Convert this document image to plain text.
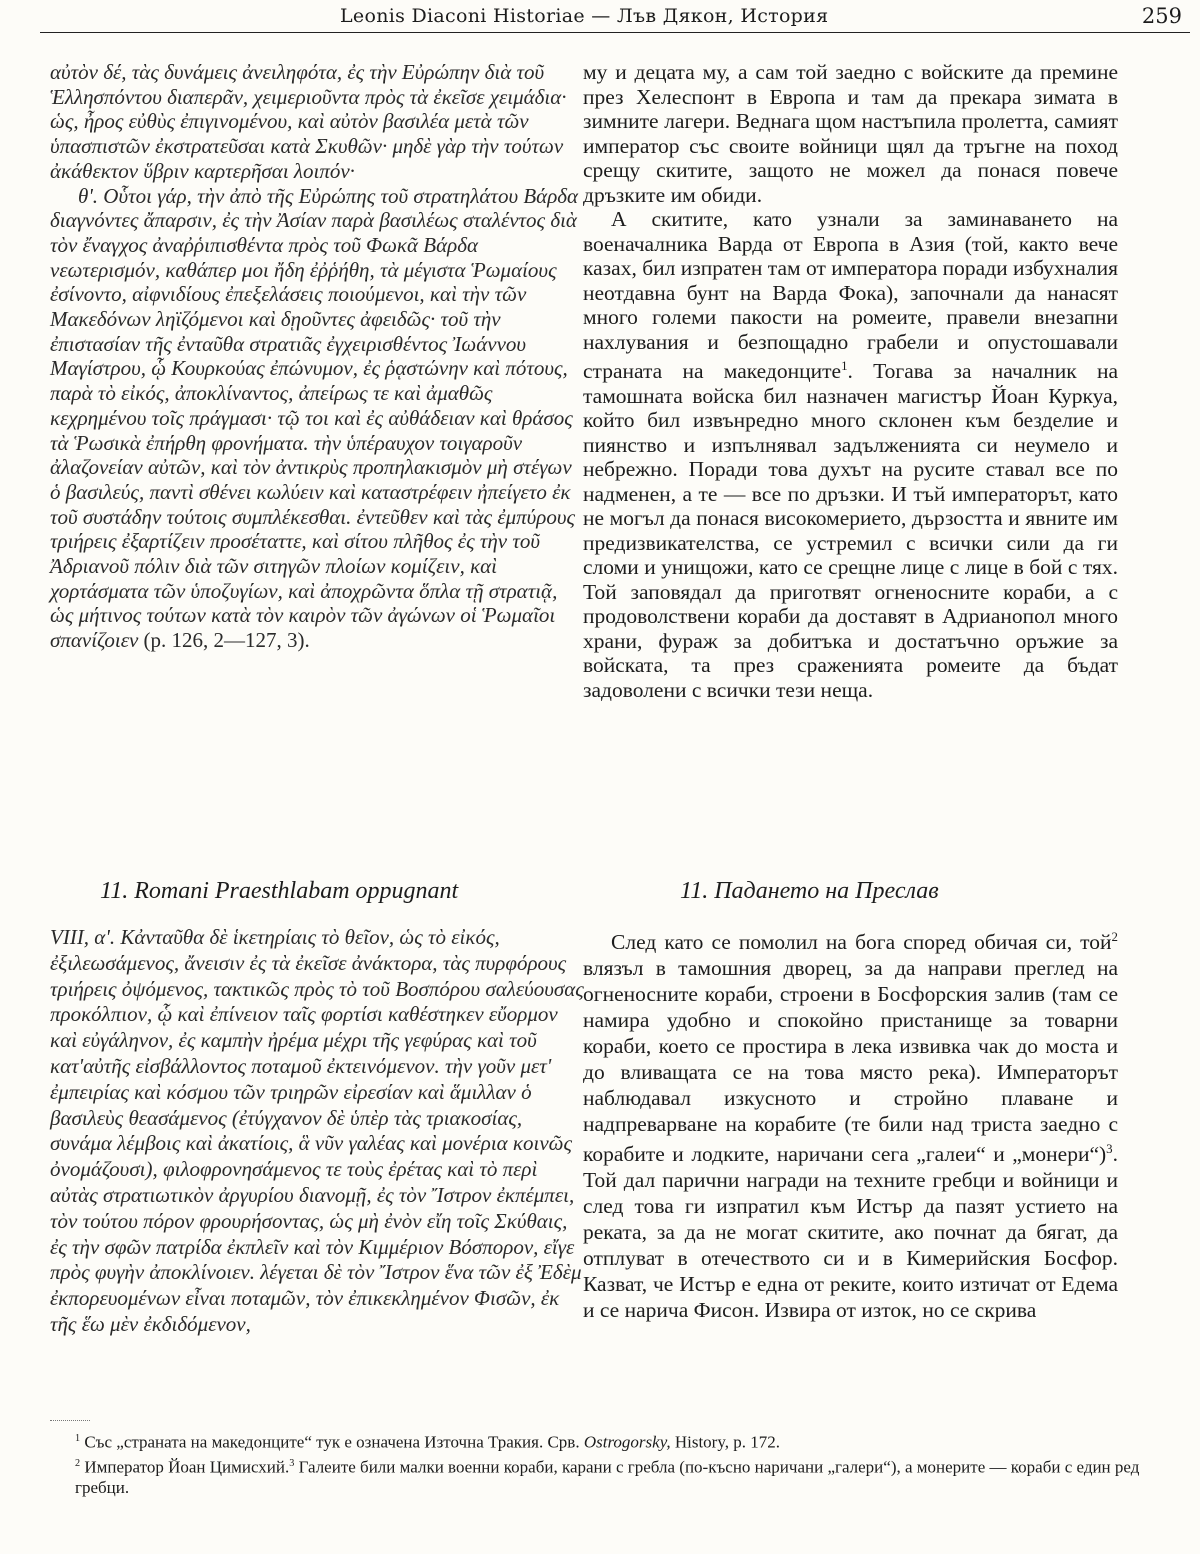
Leonis Diaconi Historiae — Лъв Дякон, История	259

αὐτὸν δέ, τὰς δυνάμεις ἀνειληφότα, ἐς τὴν Εὐρώπην διὰ τοῦ Ἑλλησπόντου διαπερᾶν, χειμεριοῦντα πρὸς τὰ ἐκεῖσε χειμάδια· ὡς, ἦρος εὐθὺς ἐπιγινομένου, καὶ αὐτὸν βασιλέα μετὰ τῶν ὑπασπιστῶν ἐκστρατεῦσαι κατὰ Σκυθῶν· μηδὲ γὰρ τὴν τούτων ἀκάθεκτον ὕβριν καρτερῆσαι λοιπόν·

θ'. Οὗτοι γάρ, τὴν ἀπὸ τῆς Εὐρώπης τοῦ στρατηλάτου Βάρδα διαγνόντες ἄπαρσιν, ἐς τὴν Ἀσίαν παρὰ βασιλέως σταλέντος διὰ τὸν ἔναγχος ἀναῤῥιπισθέντα πρὸς τοῦ Φωκᾶ Βάρδα νεωτερισμόν, καθάπερ μοι ἤδη ἐῤῥήθη, τὰ μέγιστα Ῥωμαίους ἐσίνοντο, αἰφνιδίους ἐπεξελάσεις ποιούμενοι, καὶ τὴν τῶν Μακεδόνων ληϊζόμενοι καὶ δῃοῦντες ἀφειδῶς· τοῦ τὴν ἐπιστασίαν τῆς ἐνταῦθα στρατιᾶς ἐγχειρισθέντος Ἰωάννου Μαγίστρου, ᾧ Κουρκούας ἐπώνυμον, ἐς ῥᾳστώνην καὶ πότους, παρὰ τὸ εἰκός, ἀποκλίναντος, ἀπείρως τε καὶ ἀμαθῶς κεχρημένου τοῖς πράγμασι· τῷ τοι καὶ ἐς αὐθάδειαν καὶ θράσος τὰ Ῥωσικὰ ἐπήρθη φρονήματα. τὴν ὑπέραυχον τοιγαροῦν ἀλαζονείαν αὐτῶν, καὶ τὸν ἀντικρὺς προπηλακισμὸν μὴ στέγων ὁ βασιλεύς, παντὶ σθένει κωλύειν καὶ καταστρέφειν ἠπείγετο ἐκ τοῦ συστάδην τούτοις συμπλέκεσθαι. ἐντεῦθεν καὶ τὰς ἐμπύρους τριήρεις ἐξαρτίζειν προσέταττε, καὶ σίτου πλῆθος ἐς τὴν τοῦ Ἀδριανοῦ πόλιν διὰ τῶν σιτηγῶν πλοίων κομίζειν, καὶ χορτάσματα τῶν ὑποζυγίων, καὶ ἀποχρῶντα ὅπλα τῇ στρατιᾷ, ὡς μήτινος τούτων κατὰ τὸν καιρὸν τῶν ἀγώνων οἱ Ῥωμαῖοι σπανίζοιεν (p. 126, 2—127, 3).

му и децата му, а сам той заедно с войските да премине през Хелеспонт в Европа и там да прекара зимата в зимните лагери. Веднага щом настъпила пролетта, самият император със своите войници щял да тръгне на поход срещу скитите, защото не можел да понася повече дръзките им обиди.

А скитите, като узнали за заминаването на военачалника Варда от Европа в Азия (той, както вече казах, бил изпратен там от императора поради избухналия неотдавна бунт на Варда Фока), започнали да нанасят много големи пакости на ромеите, правели внезапни нахлувания и безпощадно грабели и опустошавали страната на македонците$^1$. Тогава за началник на тамошната войска бил назначен магистър Йоан Куркуа, който бил извънредно много склонен към безделие и пиянство и изпълнявал задълженията си неумело и небрежно. Поради това духът на русите ставал все по надменен, а те — все по дръзки. И тъй императорът, като не могъл да понася високомерието, дързостта и явните им предизвикателства, се устремил с всички сили да ги сломи и унищожи, като се срещне лице с лице в бой с тях. Той заповядал да приготвят огненосните кораби, а с продоволствени кораби да доставят в Адрианопол много храни, фураж за добитъка и достатъчно оръжие за войската, та през сраженията ромеите да бъдат задоволени с всички тези неща.

11. Romani Praesthlabam oppugnant	11. Падането на Преслав

VIII, α'. Κἀνταῦθα δὲ ἱκετηρίαις τὸ θεῖον, ὡς τὸ εἰκός, ἐξιλεωσάμενος, ἄνεισιν ἐς τὰ ἐκεῖσε ἀνάκτορα, τὰς πυρφόρους τριήρεις ὀψόμενος, τακτικῶς πρὸς τὸ τοῦ Βοσπόρου σαλεύουσας προκόλπιον, ᾧ καὶ ἐπίνειον ταῖς φορτίσι καθέστηκεν εὔορμον καὶ εὐγάληνον, ἐς καμπὴν ἠρέμα μέχρι τῆς γεφύρας καὶ τοῦ κατ'αὐτῆς εἰσβάλλοντος ποταμοῦ ἐκτεινόμενον. τὴν γοῦν μετ' ἐμπειρίας καὶ κόσμου τῶν τριηρῶν εἰρεσίαν καὶ ἅμιλλαν ὁ βασιλεὺς θεασάμενος (ἐτύγχανον δὲ ὑπὲρ τὰς τριακοσίας, συνάμα λέμβοις καὶ ἀκατίοις, ἃ νῦν γαλέας καὶ μονέρια κοινῶς ὀνομάζουσι), φιλοφρονησάμενος τε τοὺς ἐρέτας καὶ τὸ περὶ αὐτὰς στρατιωτικὸν ἀργυρίου διανομῇ, ἐς τὸν Ἴστρον ἐκπέμπει, τὸν τούτου πόρον φρουρήσοντας, ὡς μὴ ἐνὸν εἴη τοῖς Σκύθαις, ἐς τὴν σφῶν πατρίδα ἐκπλεῖν καὶ τὸν Κιμμέριον Βόσπορον, εἴγε πρὸς φυγὴν ἀποκλίνοιεν. λέγεται δὲ τὸν Ἴστρον ἕνα τῶν ἐξ Ἐδὲμ ἐκπορευομένων εἶναι ποταμῶν, τὸν ἐπικεκλημένον Φισῶν, ἐκ τῆς ἕω μὲν ἐκδιδόμενον,

След като се помолил на бога според обичая си, той$^2$ влязъл в тамошния дворец, за да направи преглед на огненосните кораби, строени в Босфорския залив (там се намира удобно и спокойно пристанище за товарни кораби, което се простира в лека извивка чак до моста и до вливащата се на това място река). Императорът наблюдавал изкусното и стройно плаване и надпреварване на корабите (те били над триста заедно с корабите и лодките, наричани сега „галеи“ и „монери“)$^3$. Той дал парични награди на техните гребци и войници и след това ги изпратил към Истър да пазят устието на реката, за да не могат скитите, ако почнат да бягат, да отплуват в отечеството си и в Кимерийския Босфор. Казват, че Истър е една от реките, които изтичат от Едема и се нарича Фисон. Извира от изток, но се скрива

$^1$ Със „страната на македонците“ тук е означена Източна Тракия. Срв. Ostrogorsky, History, p. 172.

$^2$ Император Йоан Цимисхий.$^3$ Галеите били малки военни кораби, карани с гребла (по-късно наричани „галери“), а монерите — кораби с един ред гребци.
